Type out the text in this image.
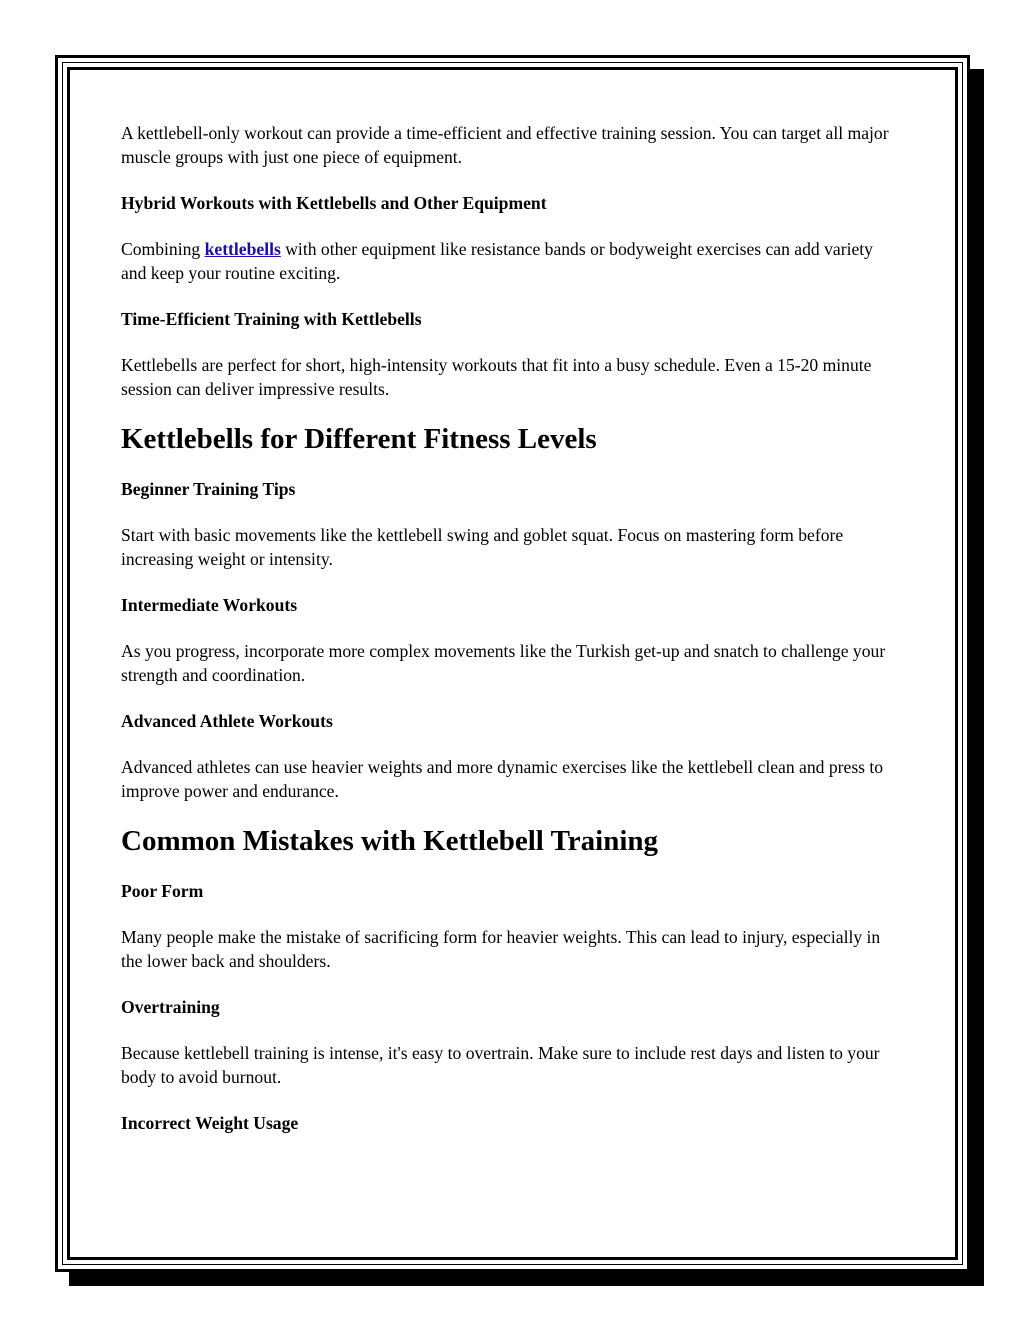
A kettlebell-only workout can provide a time-efficient and effective training session. You can target all major muscle groups with just one piece of equipment.

Hybrid Workouts with Kettlebells and Other Equipment

Combining kettlebells with other equipment like resistance bands or bodyweight exercises can add variety and keep your routine exciting.

Time-Efficient Training with Kettlebells

Kettlebells are perfect for short, high-intensity workouts that fit into a busy schedule. Even a 15-20 minute session can deliver impressive results.

Kettlebells for Different Fitness Levels
Beginner Training Tips

Start with basic movements like the kettlebell swing and goblet squat. Focus on mastering form before increasing weight or intensity.

Intermediate Workouts

As you progress, incorporate more complex movements like the Turkish get-up and snatch to challenge your strength and coordination.

Advanced Athlete Workouts

Advanced athletes can use heavier weights and more dynamic exercises like the kettlebell clean and press to improve power and endurance.

Common Mistakes with Kettlebell Training
Poor Form

Many people make the mistake of sacrificing form for heavier weights. This can lead to injury, especially in the lower back and shoulders.

Overtraining

Because kettlebell training is intense, it's easy to overtrain. Make sure to include rest days and listen to your body to avoid burnout.

Incorrect Weight Usage
